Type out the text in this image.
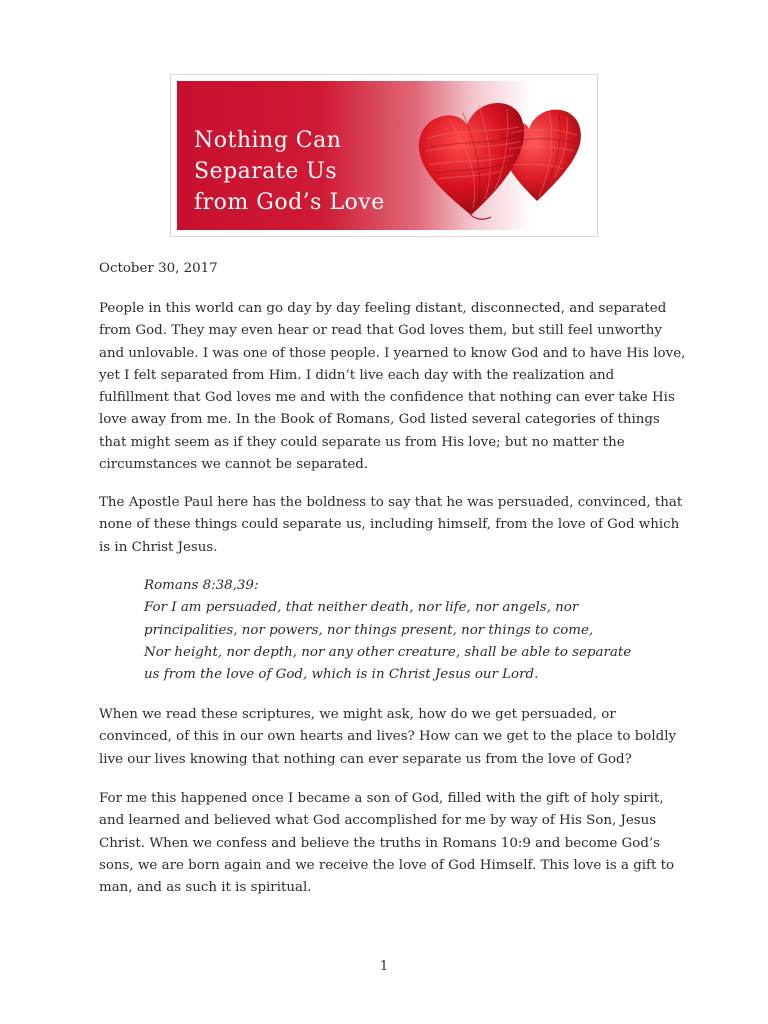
Nothing Can
Separate Us
from God’s Love

October 30, 2017

People in this world can go day by day feeling distant, disconnected, and separated
from God. They may even hear or read that God loves them, but still feel unworthy
and unlovable. I was one of those people. I yearned to know God and to have His love,
yet I felt separated from Him. I didn’t live each day with the realization and
fulfillment that God loves me and with the confidence that nothing can ever take His
love away from me. In the Book of Romans, God listed several categories of things
that might seem as if they could separate us from His love; but no matter the
circumstances we cannot be separated.

The Apostle Paul here has the boldness to say that he was persuaded, convinced, that
none of these things could separate us, including himself, from the love of God which
is in Christ Jesus.

Romans 8:38,39:
For I am persuaded, that neither death, nor life, nor angels, nor
principalities, nor powers, nor things present, nor things to come,
Nor height, nor depth, nor any other creature, shall be able to separate
us from the love of God, which is in Christ Jesus our Lord.

When we read these scriptures, we might ask, how do we get persuaded, or
convinced, of this in our own hearts and lives? How can we get to the place to boldly
live our lives knowing that nothing can ever separate us from the love of God?

For me this happened once I became a son of God, filled with the gift of holy spirit,
and learned and believed what God accomplished for me by way of His Son, Jesus
Christ. When we confess and believe the truths in Romans 10:9 and become God’s
sons, we are born again and we receive the love of God Himself. This love is a gift to
man, and as such it is spiritual.

1
